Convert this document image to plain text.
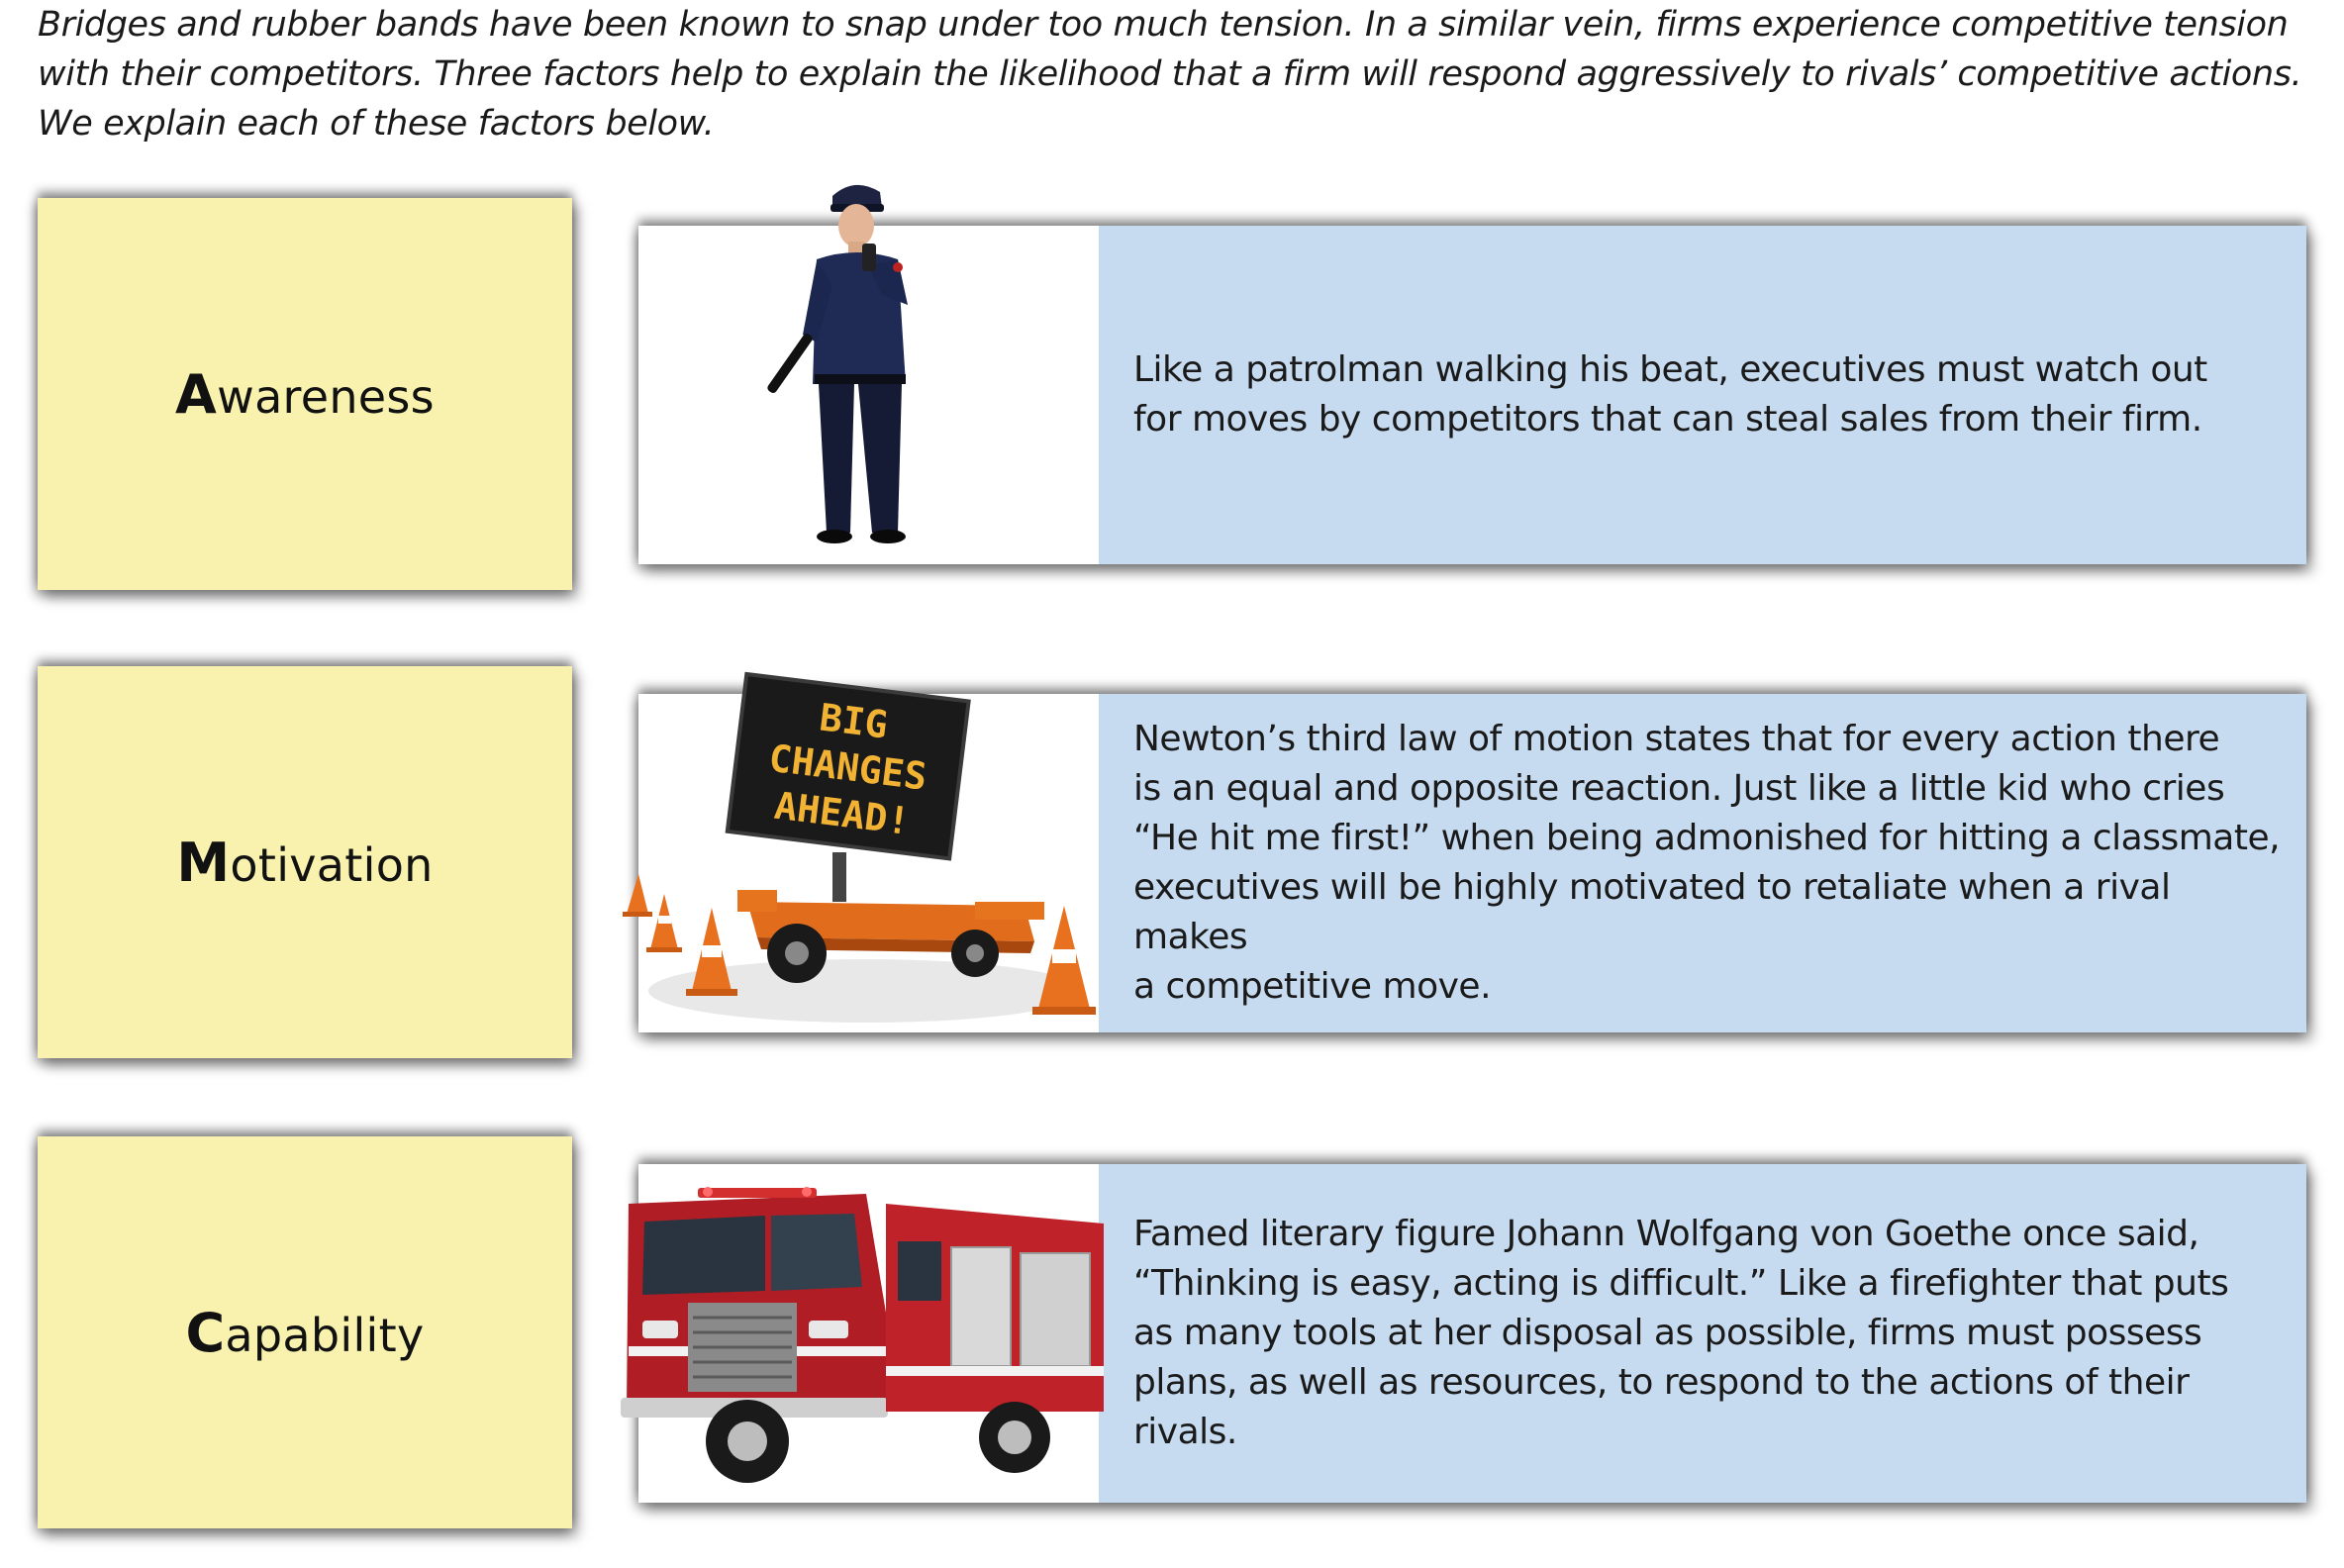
Bridges and rubber bands have been known to snap under too much tension. In a similar vein, firms experience competitive tension with their competitors. Three factors help to explain the likelihood that a firm will respond aggressively to rivals’ competitive actions. We explain each of these factors below.

Awareness	Like a patrolman walking his beat, executives must watch out
for moves by competitors that can steal sales from their firm.

Motivation
BIG
CHANGES
AHEAD!

Newton’s third law of motion states that for every action there
is an equal and opposite reaction. Just like a little kid who cries
“He hit me first!” when being admonished for hitting a classmate,
executives will be highly motivated to retaliate when a rival makes
a competitive move.

Capability

Famed literary figure Johann Wolfgang von Goethe once said,
“Thinking is easy, acting is difficult.” Like a firefighter that puts
as many tools at her disposal as possible, firms must possess
plans, as well as resources, to respond to the actions of their
rivals.
